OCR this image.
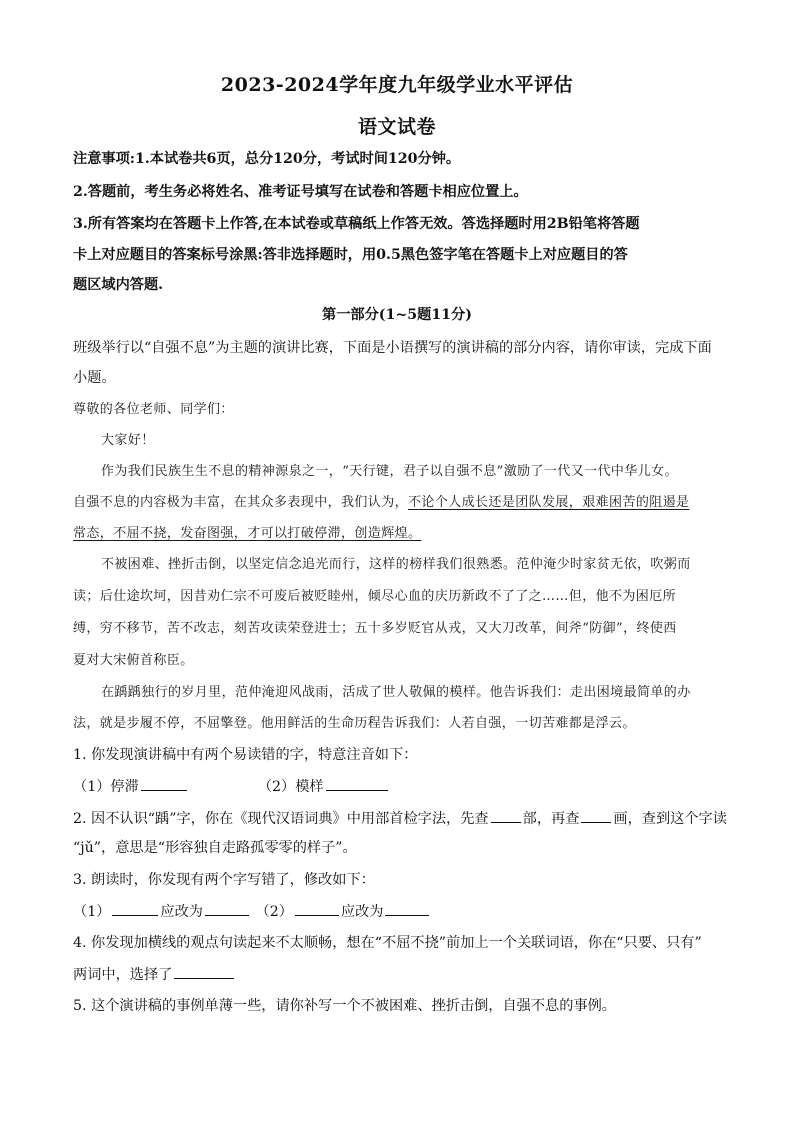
2023-2024学年度九年级学业水平评估
语文试卷
注意事项:1.本试卷共6页，总分120分，考试时间120分钟。
2.答题前，考生务必将姓名、准考证号填写在试卷和答题卡相应位置上。
3.所有答案均在答题卡上作答,在本试卷或草稿纸上作答无效。答选择题时用2B铅笔将答题
卡上对应题目的答案标号涂黑:答非选择题时，用0.5黑色签字笔在答题卡上对应题目的答
题区域内答题.
第一部分(1~5题11分)
班级举行以“自强不息”为主题的演讲比赛，下面是小语撰写的演讲稿的部分内容，请你审读，完成下面
小题。
尊敬的各位老师、同学们：
大家好！
作为我们民族生生不息的精神源泉之一，“天行键，君子以自强不息”激励了一代又一代中华儿女。
自强不息的内容极为丰富，在其众多表现中，我们认为，不论个人成长还是团队发展，艰难困苦的阻遏是
常态，不屈不挠，发奋图强，才可以打破停滞，创造辉煌。
不被困难、挫折击倒，以坚定信念追光而行，这样的榜样我们很熟悉。范仲淹少时家贫无依，吹粥而
读；后仕途坎坷，因昔劝仁宗不可废后被贬睦州，倾尽心血的庆历新政不了了之……但，他不为困厄所
缚，穷不移节，苦不改志，刻苦攻读荣登进士；五十多岁贬官从戎，又大刀改革，间斧“防御”，终使西
夏对大宋俯首称臣。
在踽踽独行的岁月里，范仲淹迎风战雨，活成了世人敬佩的模样。他告诉我们：走出困境最简单的办
法，就是步履不停，不屈擎登。他用鲜活的生命历程告诉我们：人若自强，一切苦难都是浮云。
1. 你发现演讲稿中有两个易读错的字，特意注音如下：
（1）停滞	（2）模样
2. 因不认识“踽”字，你在《现代汉语词典》中用部首检字法，先查 部，再查 画，查到这个字读
“jǔ”，意思是“形容独自走路孤零零的样子”。
3. 朗读时，你发现有两个字写错了，修改如下：
（1）	应改为	（2）	应改为
4. 你发现加横线的观点句读起来不太顺畅，想在“不屈不挠”前加上一个关联词语，你在“只要、只有”
两词中，选择了
5. 这个演讲稿的事例单薄一些，请你补写一个不被困难、挫折击倒，自强不息的事例。
